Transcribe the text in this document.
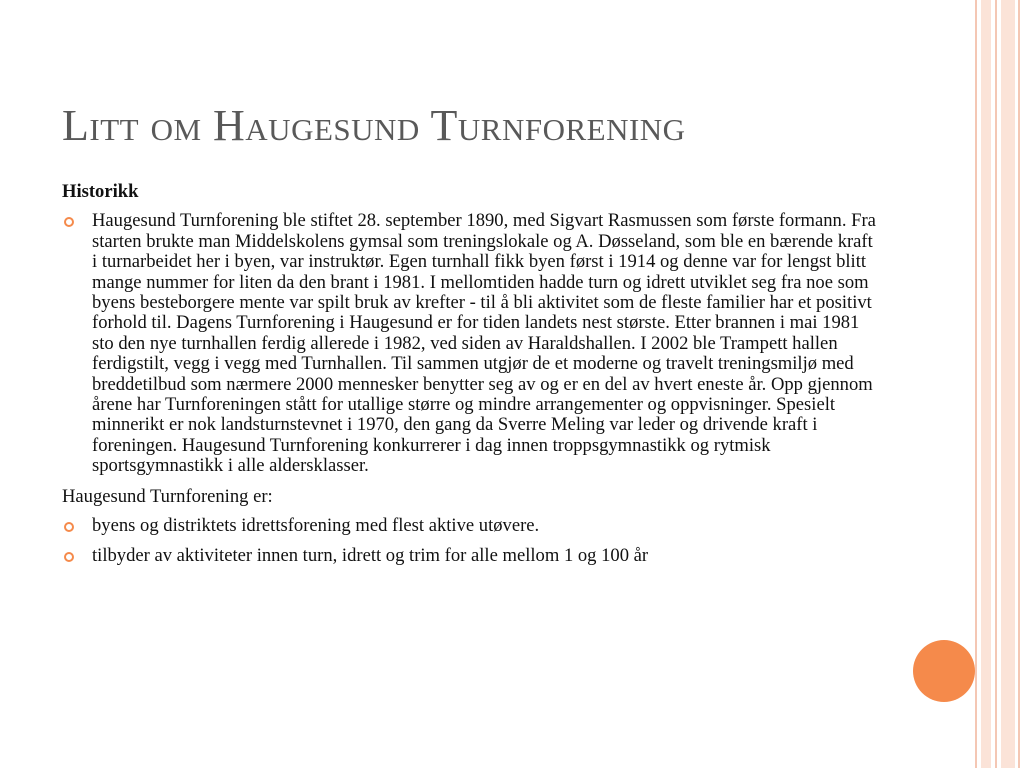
Litt om Haugesund Turnforening
Historikk
Haugesund Turnforening ble stiftet 28. september 1890, med Sigvart Rasmussen som første formann. Fra starten brukte man Middelskolens gymsal som treningslokale og A. Døsseland, som ble en bærende kraft i turnarbeidet her i byen, var instruktør. Egen turnhall fikk byen først i 1914 og denne var for lengst blitt mange nummer for liten da den brant i 1981. I mellomtiden hadde turn og idrett utviklet seg fra noe som byens besteborgere mente var spilt bruk av krefter - til å bli aktivitet som de fleste familier har et positivt forhold til. Dagens Turnforening i Haugesund er for tiden landets nest største. Etter brannen i mai 1981 sto den nye turnhallen ferdig allerede i 1982, ved siden av Haraldshallen. I 2002 ble Trampett hallen ferdigstilt, vegg i vegg med Turnhallen. Til sammen utgjør de et moderne og travelt treningsmiljø med breddetilbud som nærmere 2000 mennesker benytter seg av og er en del av hvert eneste år. Opp gjennom årene har Turnforeningen stått for utallige større og mindre arrangementer og oppvisninger. Spesielt minnerikt er nok landsturnstevnet i 1970, den gang da Sverre Meling var leder og drivende kraft i foreningen. Haugesund Turnforening konkurrerer i dag innen troppsgymnastikk og rytmisk sportsgymnastikk i alle aldersklasser.
Haugesund Turnforening er:
byens og distriktets idrettsforening med flest aktive utøvere.
tilbyder av aktiviteter innen turn, idrett og trim for alle mellom 1 og 100 år
